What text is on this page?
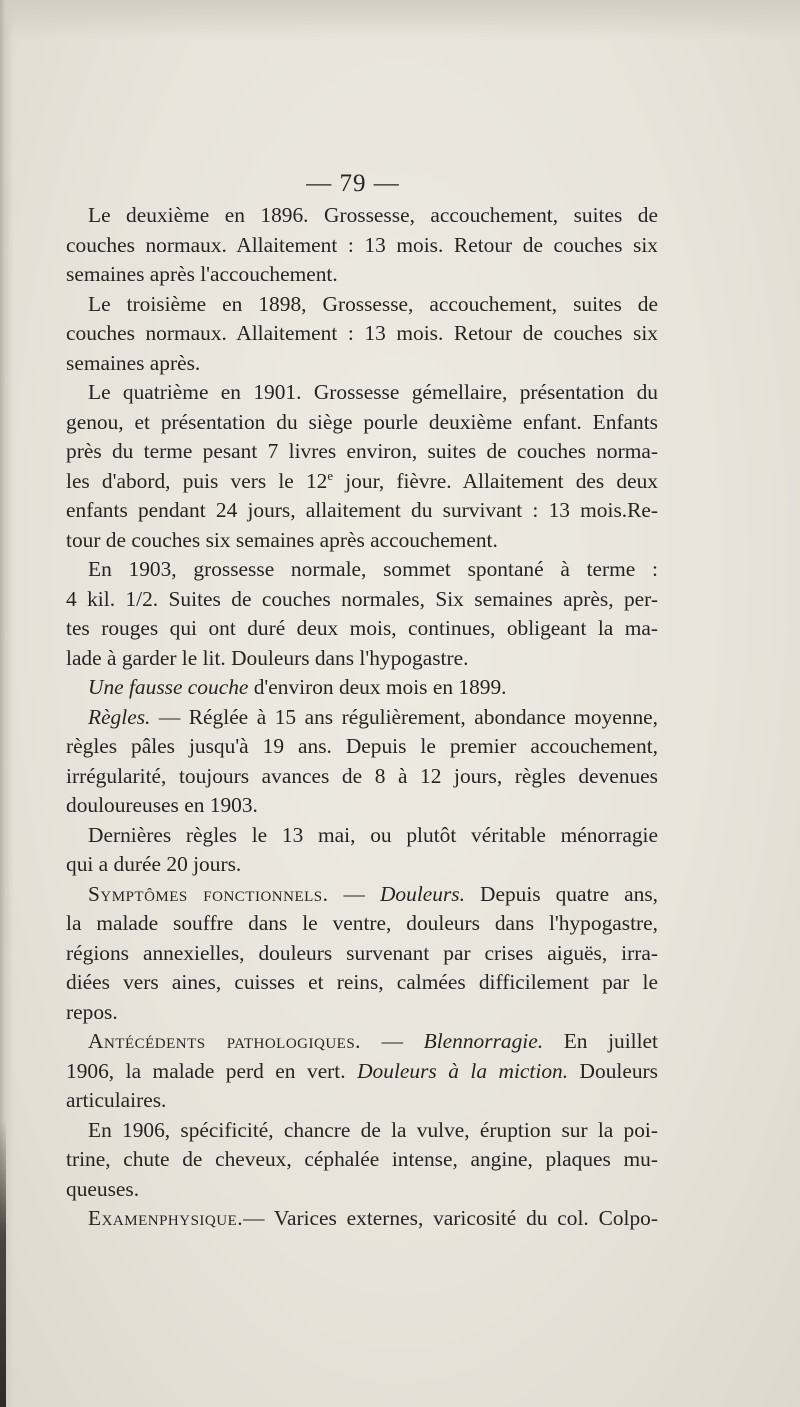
— 79 —
Le deuxième en 1896. Grossesse, accouchement, suites de
couches normaux. Allaitement : 13 mois. Retour de couches six
semaines après l'accouchement.
Le troisième en 1898, Grossesse, accouchement, suites de
couches normaux. Allaitement : 13 mois. Retour de couches six
semaines après.
Le quatrième en 1901. Grossesse gémellaire, présentation du
genou, et présentation du siège pourle deuxième enfant. Enfants
près du terme pesant 7 livres environ, suites de couches norma-
les d'abord, puis vers le 12e jour, fièvre. Allaitement des deux
enfants pendant 24 jours, allaitement du survivant : 13 mois.Re-
tour de couches six semaines après accouchement.
En 1903, grossesse normale, sommet spontané à terme :
4 kil. 1/2. Suites de couches normales, Six semaines après, per-
tes rouges qui ont duré deux mois, continues, obligeant la ma-
lade à garder le lit. Douleurs dans l'hypogastre.
Une fausse couche d'environ deux mois en 1899.
Règles. — Réglée à 15 ans régulièrement, abondance moyenne,
règles pâles jusqu'à 19 ans. Depuis le premier accouchement,
irrégularité, toujours avances de 8 à 12 jours, règles devenues
douloureuses en 1903.
Dernières règles le 13 mai, ou plutôt véritable ménorragie
qui a durée 20 jours.
Symptômes fonctionnels. — Douleurs. Depuis quatre ans,
la malade souffre dans le ventre, douleurs dans l'hypogastre,
régions annexielles, douleurs survenant par crises aiguës, irra-
diées vers aines, cuisses et reins, calmées difficilement par le
repos.
Antécédents pathologiques. — Blennorragie. En juillet
1906, la malade perd en vert. Douleurs à la miction. Douleurs
articulaires.
En 1906, spécificité, chancre de la vulve, éruption sur la poi-
trine, chute de cheveux, céphalée intense, angine, plaques mu-
queuses.
Examenphysique.— Varices externes, varicosité du col. Colpo-
